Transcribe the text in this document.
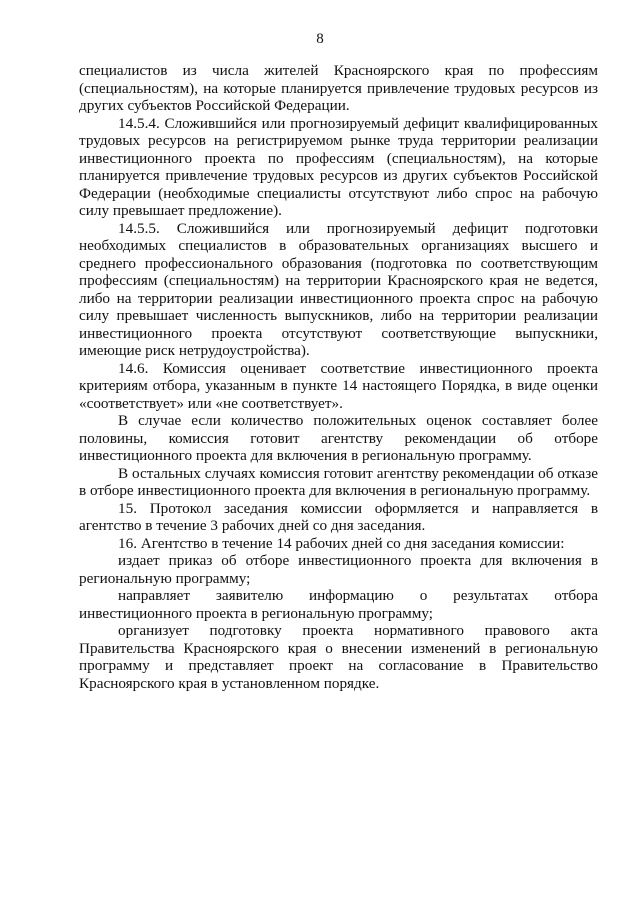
8

специалистов из числа жителей Красноярского края по профессиям (специальностям), на которые планируется привлечение трудовых ресурсов из других субъектов Российской Федерации.

14.5.4. Сложившийся или прогнозируемый дефицит квалифицированных трудовых ресурсов на регистрируемом рынке труда территории реализации инвестиционного проекта по профессиям (специальностям), на которые планируется привлечение трудовых ресурсов из других субъектов Российской Федерации (необходимые специалисты отсутствуют либо спрос на рабочую силу превышает предложение).

14.5.5. Сложившийся или прогнозируемый дефицит подготовки необходимых специалистов в образовательных организациях высшего и среднего профессионального образования (подготовка по соответствующим профессиям (специальностям) на территории Красноярского края не ведется, либо на территории реализации инвестиционного проекта спрос на рабочую силу превышает численность выпускников, либо на территории реализации инвестиционного проекта отсутствуют соответствующие выпускники, имеющие риск нетрудоустройства).

14.6. Комиссия оценивает соответствие инвестиционного проекта критериям отбора, указанным в пункте 14 настоящего Порядка, в виде оценки «соответствует» или «не соответствует».

В случае если количество положительных оценок составляет более половины, комиссия готовит агентству рекомендации об отборе инвестиционного проекта для включения в региональную программу.

В остальных случаях комиссия готовит агентству рекомендации об отказе в отборе инвестиционного проекта для включения в региональную программу.

15. Протокол заседания комиссии оформляется и направляется в агентство в течение 3 рабочих дней со дня заседания.

16. Агентство в течение 14 рабочих дней со дня заседания комиссии:

издает приказ об отборе инвестиционного проекта для включения в региональную программу;

направляет заявителю информацию о результатах отбора инвестиционного проекта в региональную программу;

организует подготовку проекта нормативного правового акта Правительства Красноярского края о внесении изменений в региональную программу и представляет проект на согласование в Правительство Красноярского края в установленном порядке.
